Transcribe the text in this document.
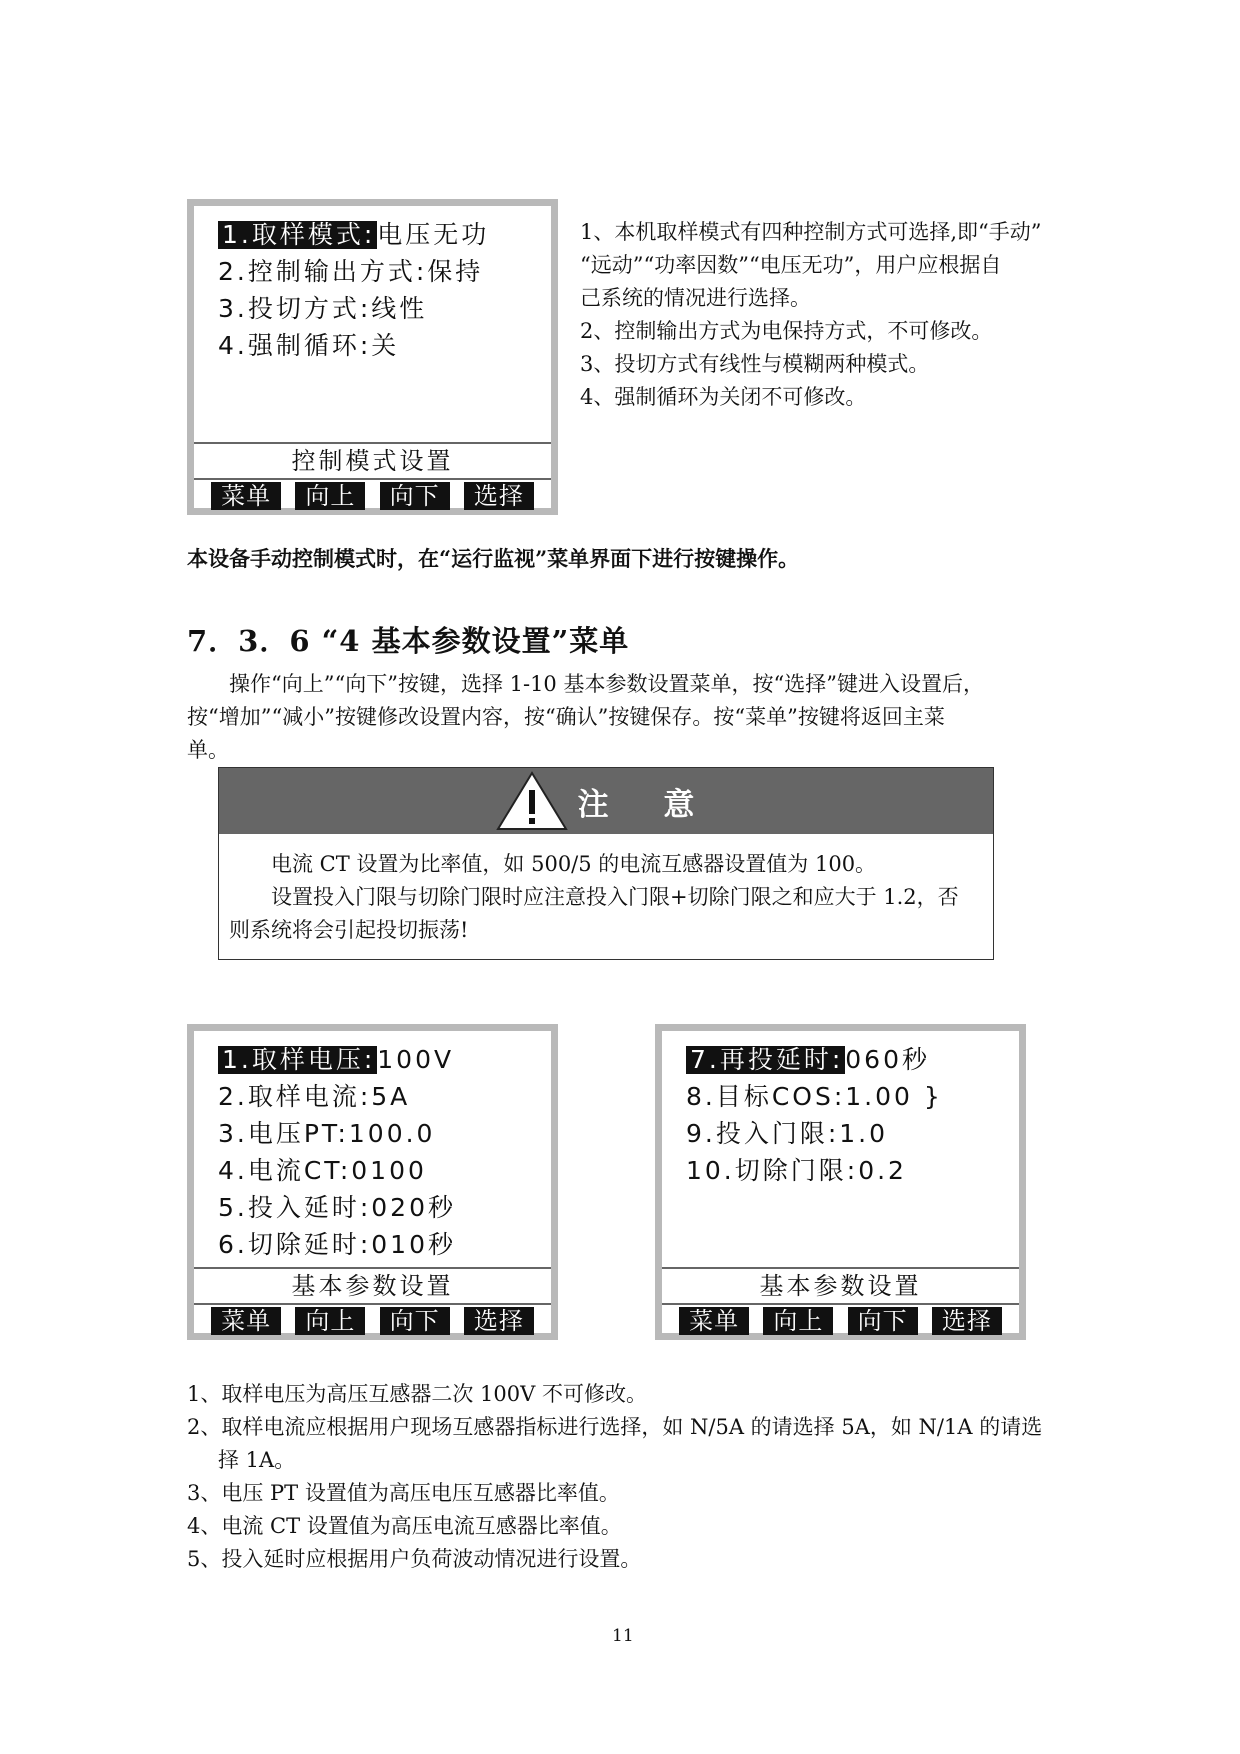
1.取样模式:电压无功
2.控制输出方式:保持
3.投切方式:线性
4.强制循环:关
控制模式设置
菜单	向上	向下	选择

1、本机取样模式有四种控制方式可选择,即“手动”

“远动”“功率因数”“电压无功”，用户应根据自

己系统的情况进行选择。

2、控制输出方式为电保持方式，不可修改。

3、投切方式有线性与模糊两种模式。

4、强制循环为关闭不可修改。

本设备手动控制模式时，在“运行监视”菜单界面下进行按键操作。
7．3．6 “4 基本参数设置”菜单

操作“向上”“向下”按键，选择 1-10 基本参数设置菜单，按“选择”键进入设置后，

按“增加”“减小”按键修改设置内容，按“确认”按键保存。按“菜单”按键将返回主菜

单。

注 意

电流 CT 设置为比率值，如 500/5 的电流互感器设置值为 100。

设置投入门限与切除门限时应注意投入门限+切除门限之和应大于 1.2，否

则系统将会引起投切振荡!

1.取样电压:100V
2.取样电流:5A
3.电压PT:100.0
4.电流CT:0100
5.投入延时:020秒
6.切除延时:010秒
基本参数设置
菜单	向上	向下	选择
7.再投延时:060秒
8.目标COS:1.00 }
9.投入门限:1.0
10.切除门限:0.2
基本参数设置
菜单	向上	向下	选择

1、取样电压为高压互感器二次 100V 不可修改。

2、取样电流应根据用户现场互感器指标进行选择，如 N/5A 的请选择 5A，如 N/1A 的请选

择 1A。

3、电压 PT 设置值为高压电压互感器比率值。

4、电流 CT 设置值为高压电流互感器比率值。

5、投入延时应根据用户负荷波动情况进行设置。

11
